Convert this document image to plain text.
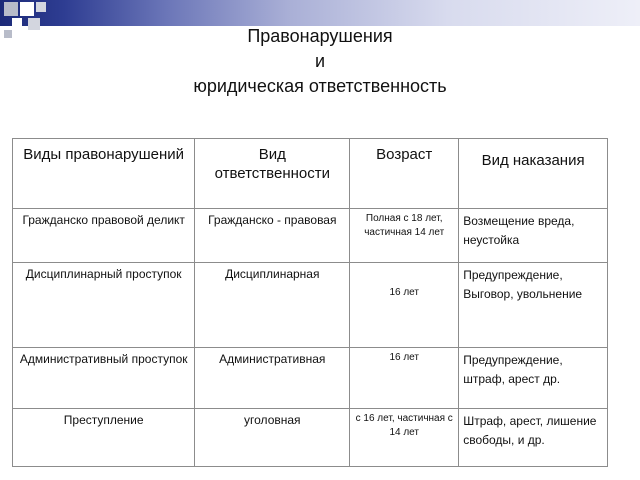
Правонарушения
и
юридическая ответственность
Виды правонарушений	Вид ответственности	Возраст	Вид наказания

Гражданско правовой деликт	Гражданско - правовая	Полная с 18 лет, частичная 14 лет	Возмещение вреда, неустойка
Дисциплинарный проступок	Дисциплинарная	16 лет	Предупреждение, Выговор, увольнение
Административный проступок	Административная	16 лет	Предупреждение, штраф, арест др.
Преступление	уголовная	с 16 лет, частичная с 14 лет	Штраф, арест, лишение свободы, и др.
